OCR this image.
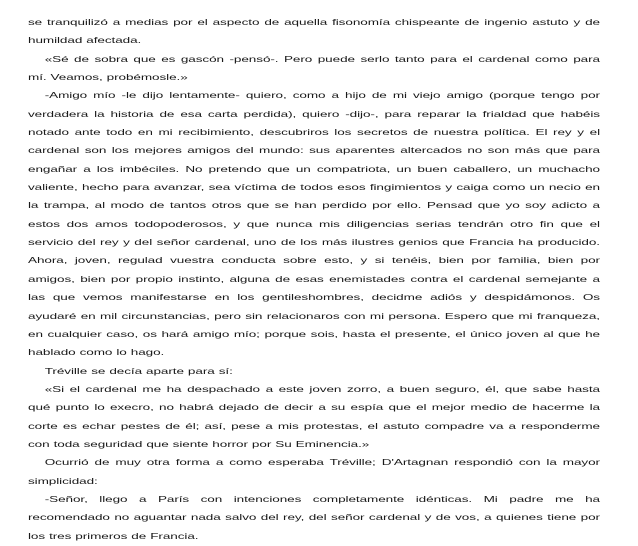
se tranquilizó a medias por el aspecto de aquella fisonomía chispeante de ingenio astuto y de humildad afectada.

«Sé de sobra que es gascón -pensó-. Pero puede serlo tanto para el cardenal como para mí. Veamos, probémosle.»

-Amigo mío -le dijo lentamente- quiero, como a hijo de mi viejo amigo (porque tengo por verdadera la historia de esa carta perdida), quiero -dijo-, para reparar la frialdad que habéis notado ante todo en mi recibimiento, descubriros los secretos de nuestra política. El rey y el cardenal son los mejores amigos del mundo: sus aparentes altercados no son más que para engañar a los imbéciles. No pretendo que un compatriota, un buen caballero, un muchacho valiente, hecho para avanzar, sea víctima de todos esos fingimientos y caiga como un necio en la trampa, al modo de tantos otros que se han perdido por ello. Pensad que yo soy adicto a estos dos amos todopoderosos, y que nunca mis diligencias serias tendrán otro fin que el servicio del rey y del señor cardenal, uno de los más ilustres genios que Francia ha producido. Ahora, joven, regulad vuestra conducta sobre esto, y si tenéis, bien por familia, bien por amigos, bien por propio instinto, alguna de esas enemistades contra el cardenal semejante a las que vemos manifestarse en los gentileshombres, decidme adiós y despidámonos. Os ayudaré en mil circunstancias, pero sin relacionaros con mi persona. Espero que mi franqueza, en cualquier caso, os hará amigo mío; porque sois, hasta el presente, el único joven al que he hablado como lo hago.

Tréville se decía aparte para sí:

«Si el cardenal me ha despachado a este joven zorro, a buen seguro, él, que sabe hasta qué punto lo execro, no habrá dejado de decir a su espía que el mejor medio de hacerme la corte es echar pestes de él; así, pese a mis protestas, el astuto compadre va a respondermе con toda seguridad que siente horror por Su Eminencia.»

Ocurrió de muy otra forma a como esperaba Tréville; D'Artagnan respondió con la mayor simplicidad:

-Señor, llego a París con intenciones completamente idénticas. Mi padre me ha recomendado no aguantar nada salvo del rey, del señor cardenal y de vos, a quienes tiene por los tres primeros de Francia.
